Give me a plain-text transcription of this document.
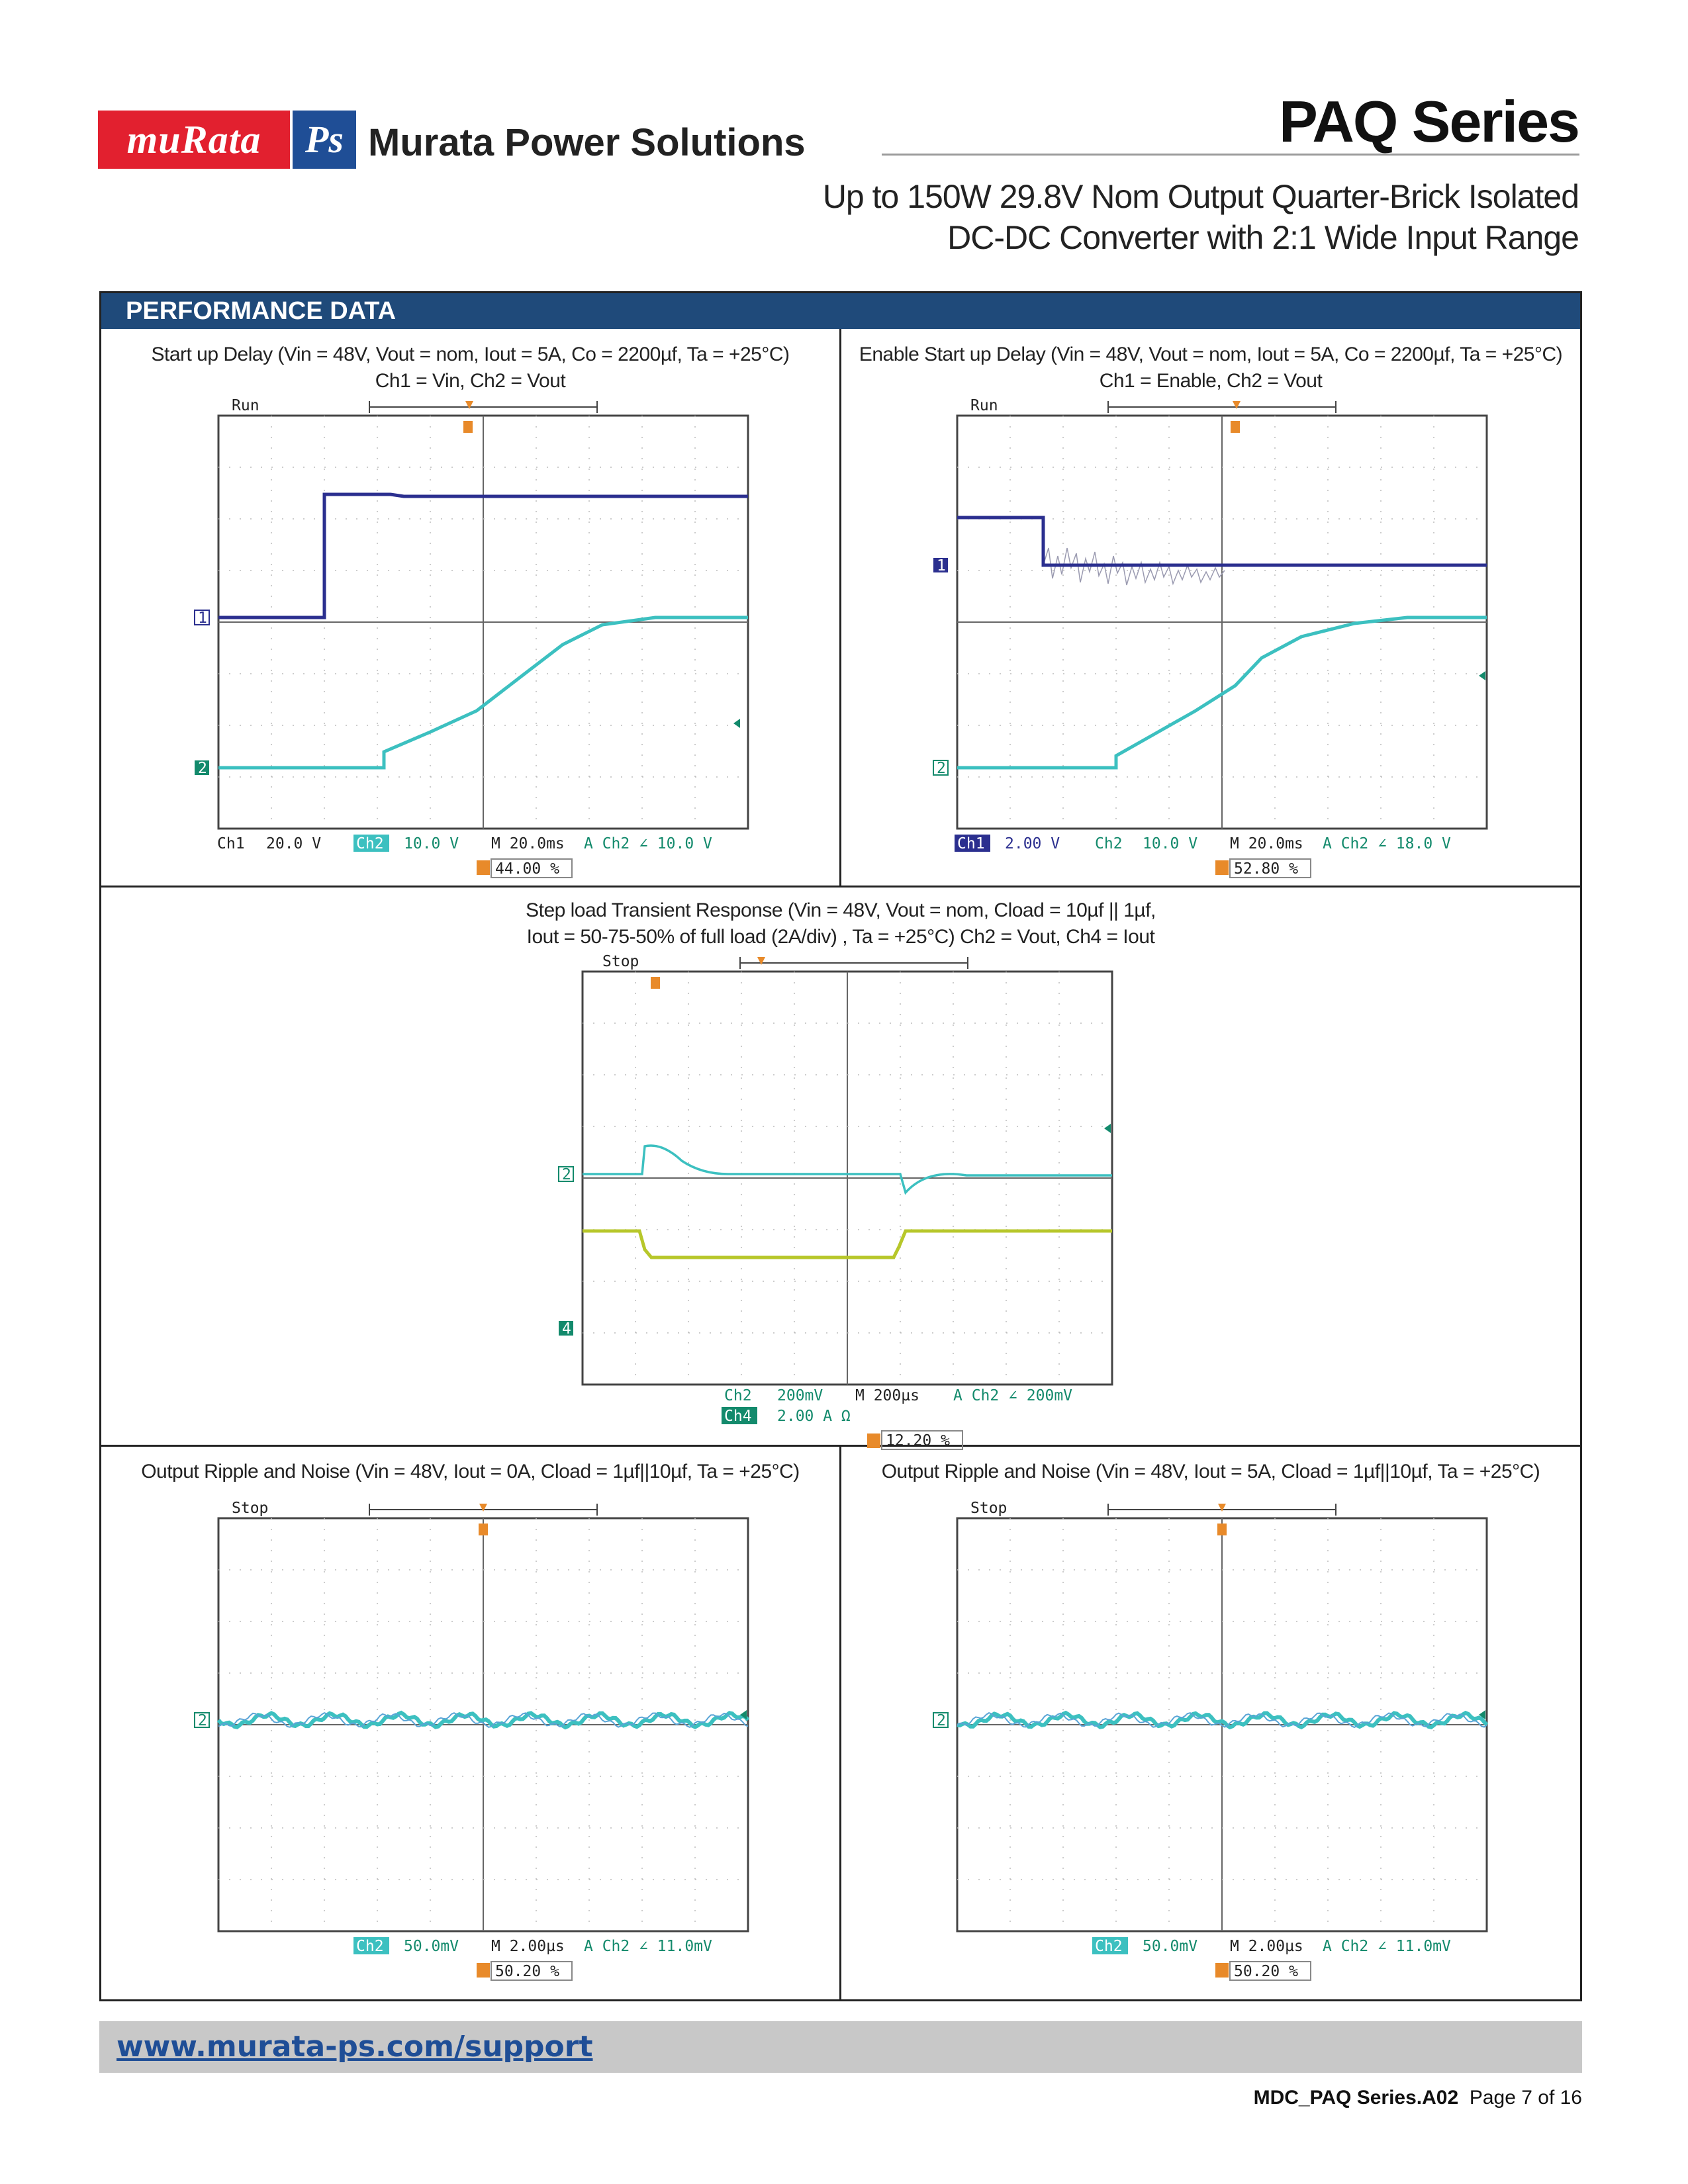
muRata	Ps Murata Power Solutions	PAQ Series
Up to 150W 29.8V Nom Output Quarter-Brick Isolated
DC-DC Converter with 2:1 Wide Input Range
PERFORMANCE DATA
Start up Delay (Vin = 48V, Vout = nom, Iout = 5A, Co = 2200µf, Ta = +25°C)
Ch1 = Vin, Ch2 = Vout
Enable Start up Delay (Vin = 48V, Vout = nom, Iout = 5A, Co = 2200µf, Ta = +25°C)
Ch1 = Enable, Ch2 = Vout
Step load Transient Response (Vin = 48V, Vout = nom, Cload = 10µf || 1µf,
Iout = 50-75-50% of full load (2A/div) , Ta = +25°C) Ch2 = Vout, Ch4 = Iout
Output Ripple and Noise (Vin = 48V, Iout = 0A, Cload = 1µf||10µf, Ta = +25°C)	Output Ripple and Noise (Vin = 48V, Iout = 5A, Cload = 1µf||10µf, Ta = +25°C)
Run
1
2
Ch1 20.0 V Ch2 10.0 V M 20.0ms A Ch2 ∠ 10.0 V
44.00 %
Run
1
2
Ch1 2.00 V Ch2 10.0 V M 20.0ms A Ch2 ∠ 18.0 V
52.80 %
Stop
2
4
Ch2 200mV
Ch4 2.00 A Ω
M 200µs A Ch2 ∠ 200mV
12.20 %
Stop
2
Ch2 50.0mV M 2.00µs A Ch2 ∠ 11.0mV
50.20 %
Stop
2
Ch2 50.0mV M 2.00µs A Ch2 ∠ 11.0mV
50.20 %
www.murata-ps.com/support
MDC_PAQ Series.A02 Page 7 of 16
